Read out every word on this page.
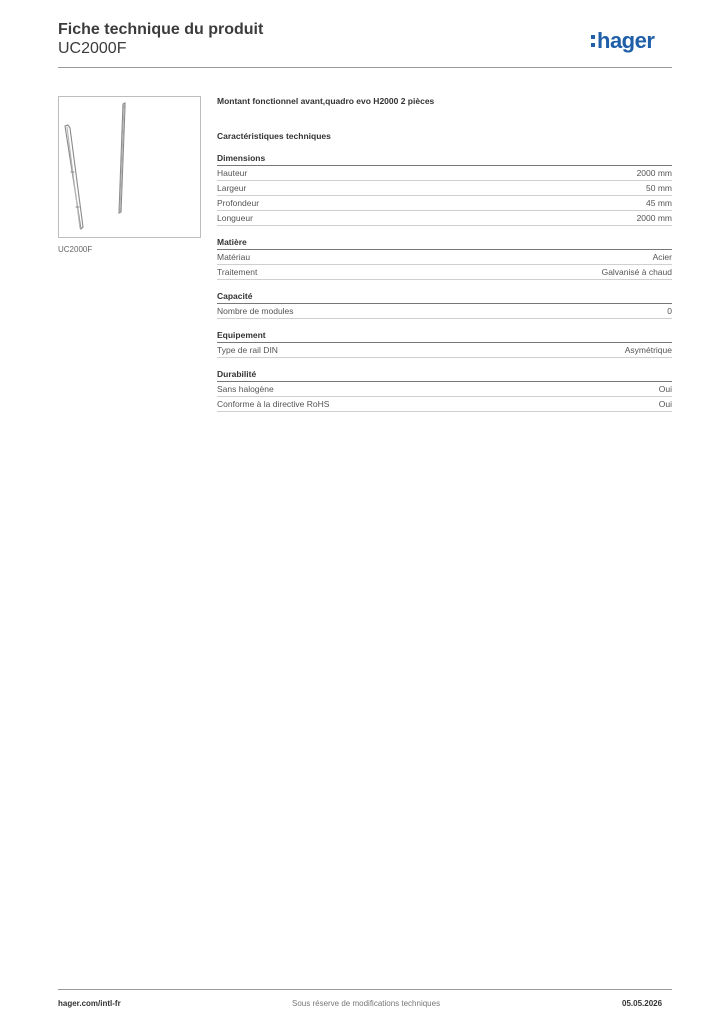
Fiche technique du produit
UC2000F	hager
UC2000F
Montant fonctionnel avant,quadro evo H2000 2 pièces
Caractéristiques techniques
Dimensions
Hauteur	2000 mm
Largeur	50 mm
Profondeur	45 mm
Longueur	2000 mm
Matière
Matériau	Acier
Traitement	Galvanisé à chaud
Capacité
Nombre de modules	0
Equipement
Type de rail DIN	Asymétrique
Durabilité
Sans halogène	Oui
Conforme à la directive RoHS	Oui
hager.com/intl-fr	Sous réserve de modifications techniques	05.05.2026
